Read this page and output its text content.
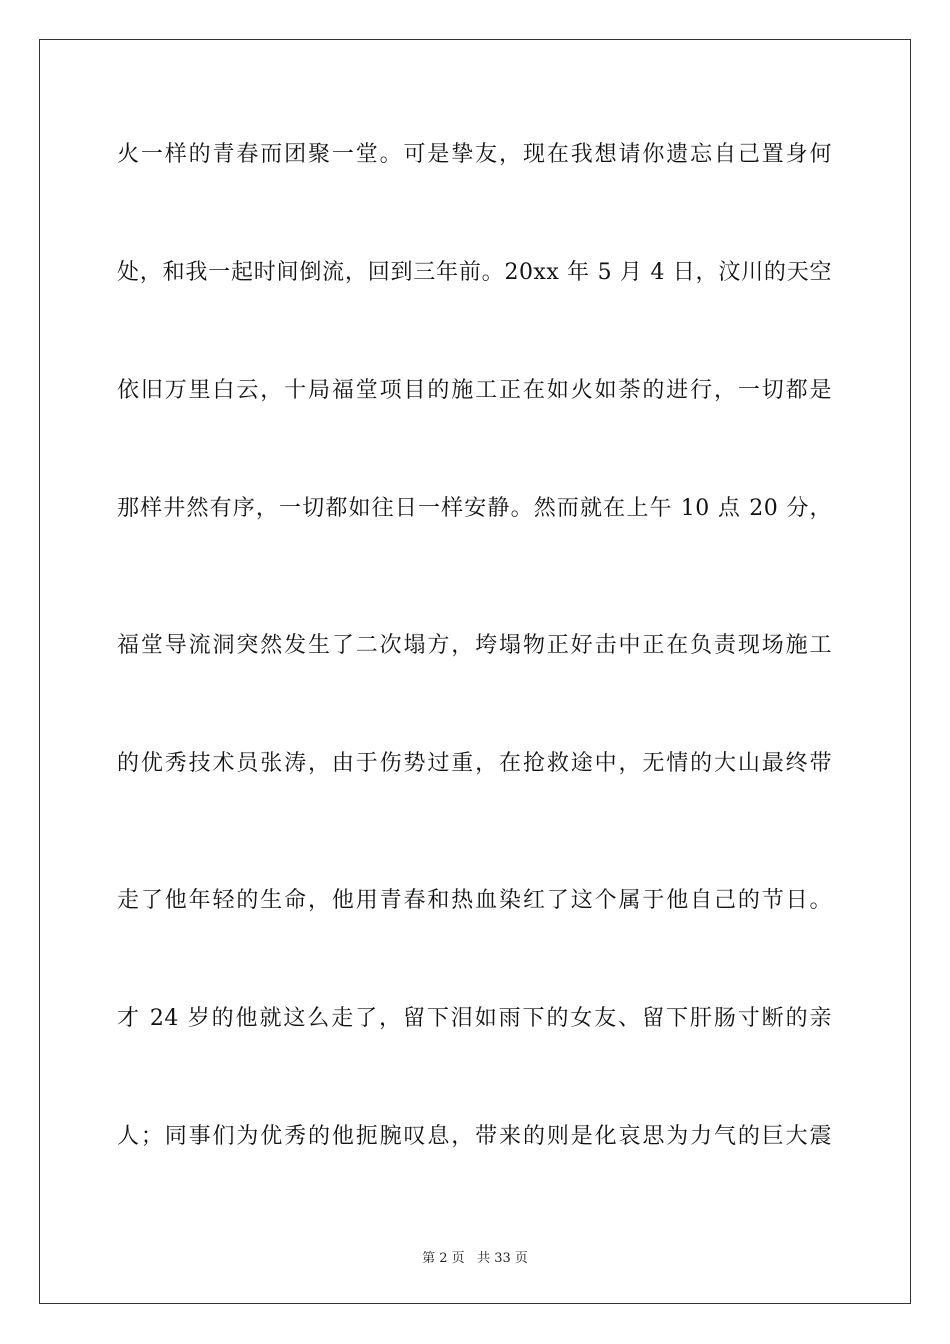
火一样的青春而团聚一堂。可是挚友，现在我想请你遗忘自己置身何
处，和我一起时间倒流，回到三年前。20xx 年 5 月 4 日，汶川的天空
依旧万里白云，十局福堂项目的施工正在如火如荼的进行，一切都是
那样井然有序，一切都如往日一样安静。然而就在上午 10 点 20 分，
福堂导流洞突然发生了二次塌方，垮塌物正好击中正在负责现场施工
的优秀技术员张涛，由于伤势过重，在抢救途中，无情的大山最终带
走了他年轻的生命，他用青春和热血染红了这个属于他自己的节日。
才 24 岁的他就这么走了，留下泪如雨下的女友、留下肝肠寸断的亲
人；同事们为优秀的他扼腕叹息，带来的则是化哀思为力气的巨大震
第 2 页 共 33 页
